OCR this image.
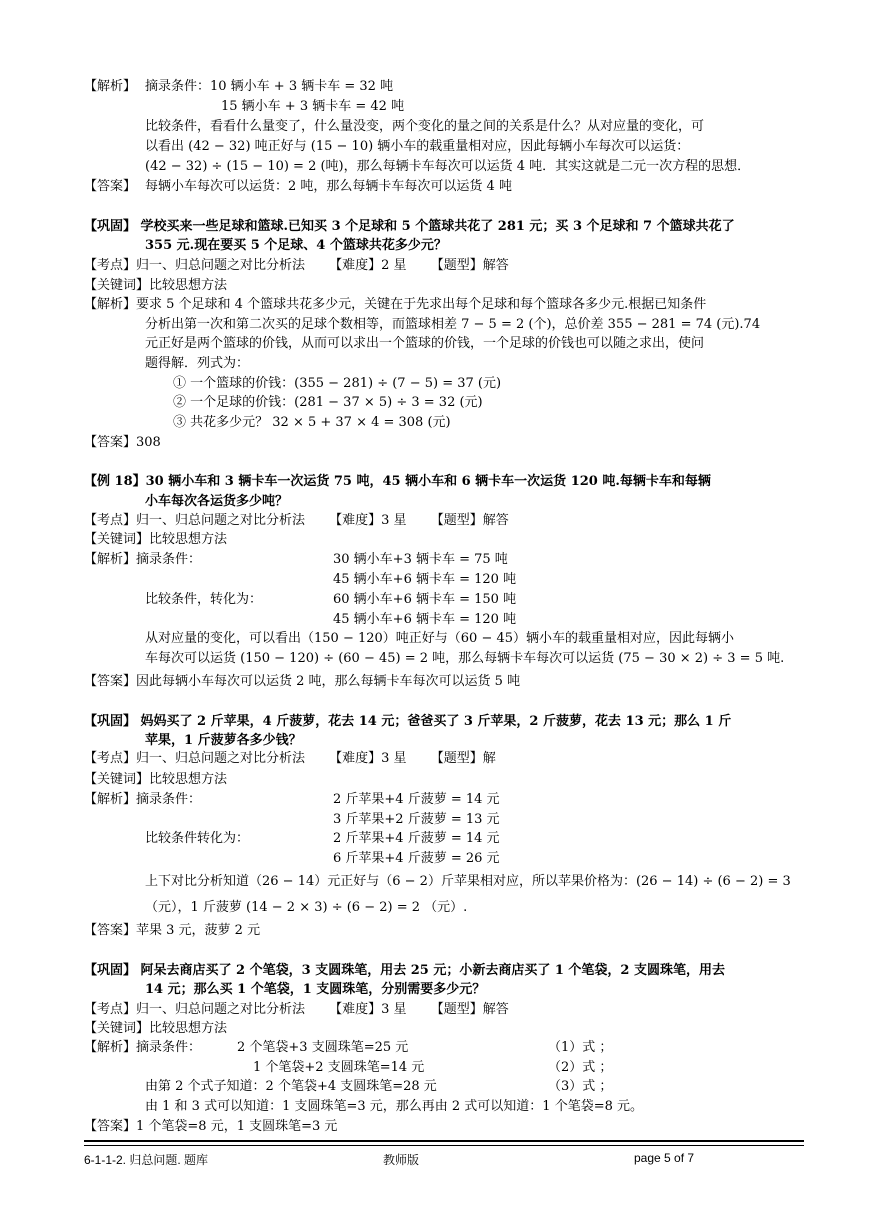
【解析】 摘录条件：10 辆小车 + 3 辆卡车 = 32 吨
15 辆小车 + 3 辆卡车 = 42 吨
比较条件，看看什么量变了，什么量没变，两个变化的量之间的关系是什么？从对应量的变化，可
以看出 (42 − 32) 吨正好与 (15 − 10) 辆小车的载重量相对应，因此每辆小车每次可以运货：
(42 − 32) ÷ (15 − 10) = 2 (吨)，那么每辆卡车每次可以运货 4 吨．其实这就是二元一次方程的思想．
【答案】 每辆小车每次可以运货：2 吨，那么每辆卡车每次可以运货 4 吨
【巩固】 学校买来一些足球和篮球.已知买 3 个足球和 5 个篮球共花了 281 元；买 3 个足球和 7 个篮球共花了
355 元.现在要买 5 个足球、4 个篮球共花多少元？
【考点】归一、归总问题之对比分析法 【难度】2 星 【题型】解答
【关键词】比较思想方法
【解析】要求 5 个足球和 4 个篮球共花多少元，关键在于先求出每个足球和每个篮球各多少元.根据已知条件
分析出第一次和第二次买的足球个数相等，而篮球相差 7 − 5 = 2 (个)，总价差 355 − 281 = 74 (元).74
元正好是两个篮球的价钱，从而可以求出一个篮球的价钱，一个足球的价钱也可以随之求出，使问
题得解．列式为：
① 一个篮球的价钱：(355 − 281) ÷ (7 − 5) = 37 (元)
② 一个足球的价钱：(281 − 37 × 5) ÷ 3 = 32 (元)
③ 共花多少元？ 32 × 5 + 37 × 4 = 308 (元)
【答案】308
【例 18】30 辆小车和 3 辆卡车一次运货 75 吨，45 辆小车和 6 辆卡车一次运货 120 吨.每辆卡车和每辆
小车每次各运货多少吨？
【考点】归一、归总问题之对比分析法 【难度】3 星 【题型】解答
【关键词】比较思想方法
【解析】摘录条件：	30 辆小车+3 辆卡车 = 75 吨
45 辆小车+6 辆卡车 = 120 吨
比较条件，转化为：	60 辆小车+6 辆卡车 = 150 吨
45 辆小车+6 辆卡车 = 120 吨
从对应量的变化，可以看出（150 − 120）吨正好与（60 − 45）辆小车的载重量相对应，因此每辆小
车每次可以运货 (150 − 120) ÷ (60 − 45) = 2 吨，那么每辆卡车每次可以运货 (75 − 30 × 2) ÷ 3 = 5 吨.
【答案】因此每辆小车每次可以运货 2 吨，那么每辆卡车每次可以运货 5 吨
【巩固】 妈妈买了 2 斤苹果，4 斤菠萝，花去 14 元；爸爸买了 3 斤苹果，2 斤菠萝，花去 13 元；那么 1 斤
苹果，1 斤菠萝各多少钱？
【考点】归一、归总问题之对比分析法 【难度】3 星 【题型】解
【关键词】比较思想方法
【解析】摘录条件：	2 斤苹果+4 斤菠萝 = 14 元
3 斤苹果+2 斤菠萝 = 13 元
比较条件转化为：	2 斤苹果+4 斤菠萝 = 14 元
6 斤苹果+4 斤菠萝 = 26 元
上下对比分析知道（26 − 14）元正好与（6 − 2）斤苹果相对应，所以苹果价格为：(26 − 14) ÷ (6 − 2) = 3
（元），1 斤菠萝 (14 − 2 × 3) ÷ (6 − 2) = 2 （元）.
【答案】苹果 3 元，菠萝 2 元
【巩固】 阿呆去商店买了 2 个笔袋，3 支圆珠笔，用去 25 元；小新去商店买了 1 个笔袋，2 支圆珠笔，用去
14 元；那么买 1 个笔袋，1 支圆珠笔，分别需要多少元？
【考点】归一、归总问题之对比分析法 【难度】3 星 【题型】解答
【关键词】比较思想方法
【解析】摘录条件：	2 个笔袋+3 支圆珠笔=25 元	（1）式 ；
1 个笔袋+2 支圆珠笔=14 元	（2）式 ；
由第 2 个式子知道：2 个笔袋+4 支圆珠笔=28 元	（3）式 ；
由 1 和 3 式可以知道：1 支圆珠笔=3 元，那么再由 2 式可以知道：1 个笔袋=8 元。
【答案】1 个笔袋=8 元，1 支圆珠笔=3 元
6-1-1-2. 归总问题. 题库	教师版	page 5 of 7
